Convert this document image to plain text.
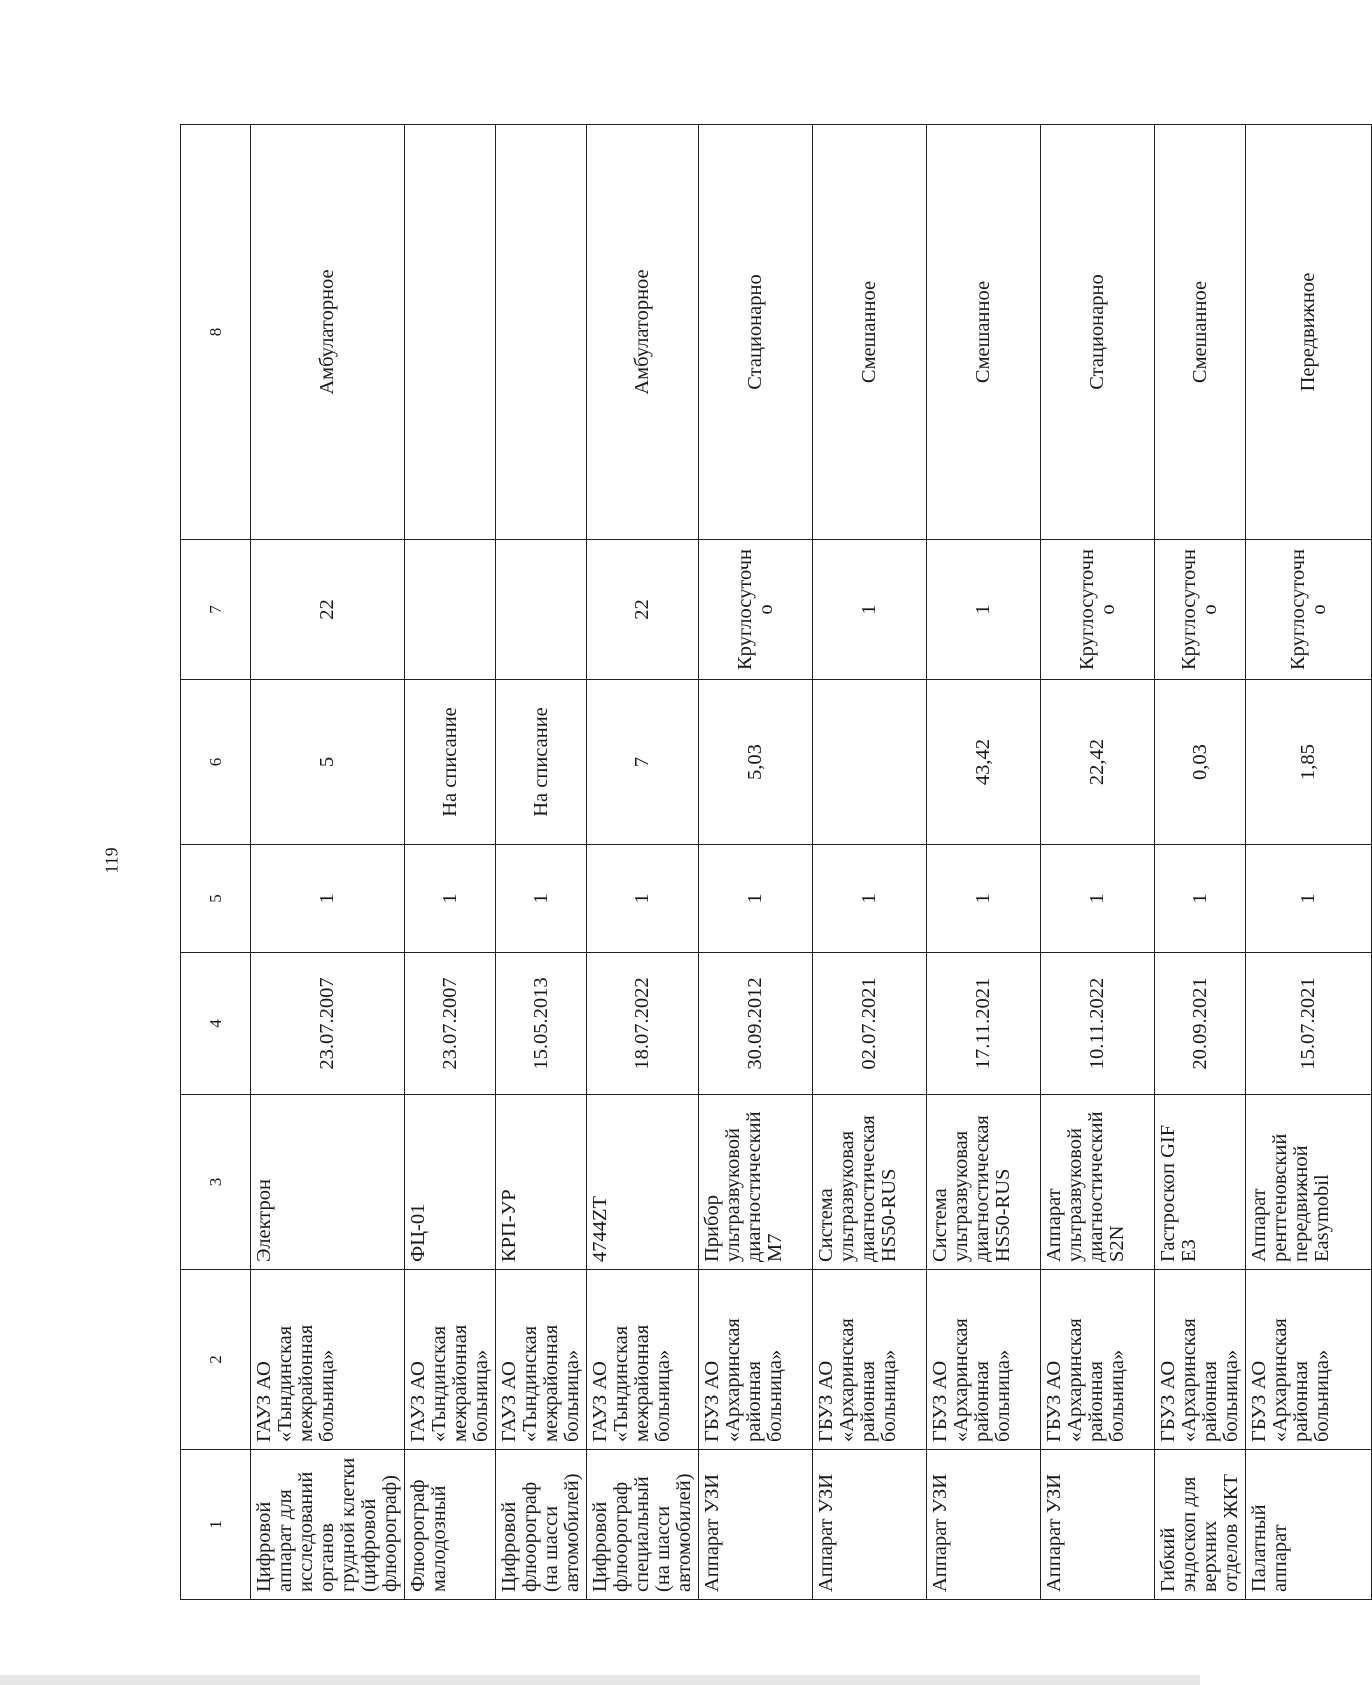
119
1	2	3	4	5	6	7	8
Цифровой аппарат для исследований органов грудной клетки (цифровой флюорограф)	ГАУЗ АО «Тындинская межрайонная больница»	Электрон	23.07.2007	1	5	22	Амбулаторное
Флюорограф малодозный	ГАУЗ АО «Тындинская межрайонная больница»	ФЦ-01	23.07.2007	1	На списание		
Цифровой флюорограф (на шасси автомобилей)	ГАУЗ АО «Тындинская межрайонная больница»	КРП-УР	15.05.2013	1	На списание		
Цифровой флюорограф специальный (на шасси автомобилей)	ГАУЗ АО «Тындинская межрайонная больница»	4744ZT	18.07.2022	1	7	22	Амбулаторное
Аппарат УЗИ	ГБУЗ АО «Архаринская районная больница»	Прибор ультразвуковой диагностический M7	30.09.2012	1	5,03	Круглосуточно	Стационарно
Аппарат УЗИ	ГБУЗ АО «Архаринская районная больница»	Система ультразвуковая диагностическая HS50-RUS	02.07.2021	1		1	Смешанное
Аппарат УЗИ	ГБУЗ АО «Архаринская районная больница»	Система ультразвуковая диагностическая HS50-RUS	17.11.2021	1	43,42	1	Смешанное
Аппарат УЗИ	ГБУЗ АО «Архаринская районная больница»	Аппарат ультразвуковой диагностический S2N	10.11.2022	1	22,42	Круглосуточно	Стационарно
Гибкий эндоскоп для верхних отделов ЖКТ	ГБУЗ АО «Архаринская районная больница»	Гастроскоп GIF E3	20.09.2021	1	0,03	Круглосуточно	Смешанное
Палатный аппарат	ГБУЗ АО «Архаринская районная больница»	Аппарат рентгеновский передвижной Easymobil	15.07.2021	1	1,85	Круглосуточно	Передвижное
